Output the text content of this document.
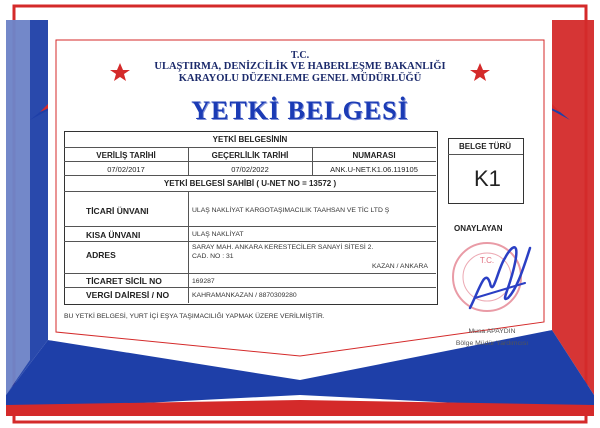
T.C.
ULAŞTIRMA, DENİZCİLİK VE HABERLEŞME BAKANLIĞI
KARAYOLU DÜZENLEME GENEL MÜDÜRLÜĞÜ
YETKİ BELGESİ
YETKİ BELGESİNİN
VERİLİŞ TARİHİ	GEÇERLİLİK TARİHİ	NUMARASI
07/02/2017	07/02/2022	ANK.U-NET.K1.06.119105
YETKİ BELGESİ SAHİBİ ( U-NET NO = 13572 )
TİCARİ ÜNVANI	ULAŞ NAKLİYAT KARGOTAŞIMACILIK TAAHSAN VE TİC LTD Ş
KISA ÜNVANI	ULAŞ NAKLİYAT
ADRES
SARAY MAH. ANKARA KERESTECİLER SANAYİ SİTESİ 2.
CAD. NO : 31
KAZAN / ANKARA
TİCARET SİCİL NO	169287
VERGİ DAİRESİ / NO	KAHRAMANKAZAN / 8870309280
BELGE TÜRÜ
K1
ONAYLAYAN
T.C.
Musa APAYDIN
Bölge Müdür Yardımcısı
BU YETKİ BELGESİ, YURT İÇİ EŞYA TAŞIMACILIĞI YAPMAK ÜZERE VERİLMİŞTİR.
